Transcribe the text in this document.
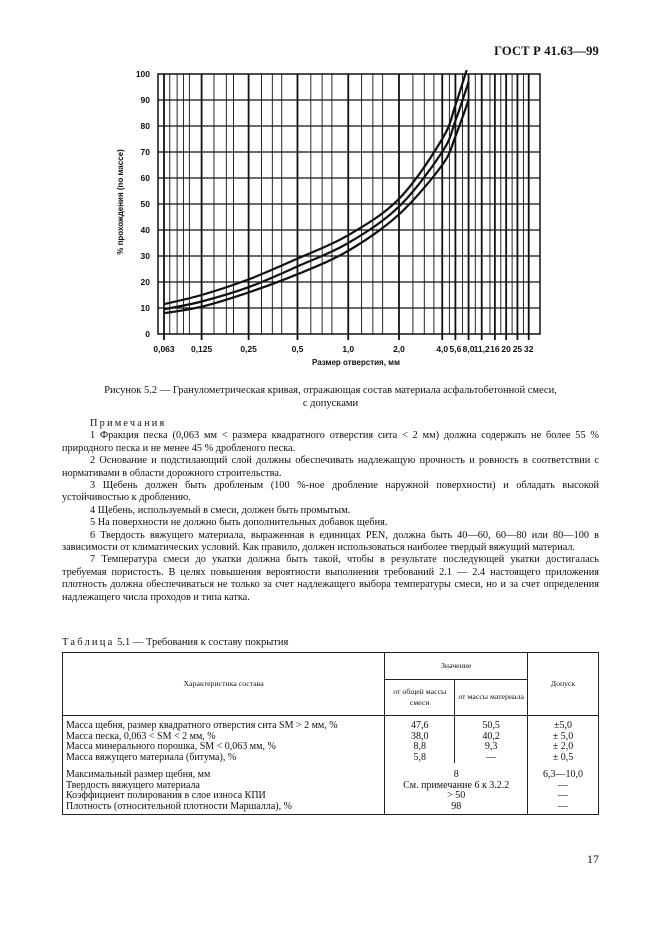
ГОСТ Р 41.63—99
100
90
80
70
60
50
40
30
20
10
0
0,063 0,125	0,25	0,5	1,0	2,0	4,0 5,6 8,0 11,2 16 20 25 32
% прохождения (по массе)
Размер отверстия, мм
Рисунок 5.2 — Гранулометрическая кривая, отражающая состав материала асфальтобетонной смеси,
с допусками
Примечания

1 Фракция песка (0,063 мм < размера квадратного отверстия сита < 2 мм) должна содержать не более 55 % природного песка и не менее 45 % дробленого песка.

2 Основание и подстилающий слой должны обеспечивать надлежащую прочность и ровность в соответствии с нормативами в области дорожного строительства.

3 Щебень должен быть дробленым (100 %-ное дробление наружной поверхности) и обладать высокой устойчивостью к дроблению.

4 Щебень, используемый в смеси, должен быть промытым.

5 На поверхности не должно быть дополнительных добавок щебня.

6 Твердость вяжущего материала, выраженная в единицах PEN, должна быть 40—60, 60—80 или 80—100 в зависимости от климатических условий. Как правило, должен использоваться наиболее твердый вяжущий материал.

7 Температура смеси до укатки должна быть такой, чтобы в результате последующей укатки достигалась требуемая пористость. В целях повышения вероятности выполнения требований 2.1 — 2.4 настоящего приложения плотность должна обеспечиваться не только за счет надлежащего выбора температуры смеси, но и за счет определения надлежащего числа проходов и типа катка.

Таблица 5.1 — Требования к составу покрытия
Характеристика состава	Значение		Допуск
	от общей массы смеси	от массы материала	
Масса щебня, размер квадратного отверстия сита SM > 2 мм, %	47,6	50,5	±5,0
Масса песка, 0,063 < SM < 2 мм, %	38,0	40,2	± 5,0
Масса минерального порошка, SM < 0,063 мм, %	8,8	9,3	± 2,0
Масса вяжущего материала (битума), %	5,8	—	± 0,5
Максимальный размер щебня, мм	8		6,3—10,0
Твердость вяжущего материала	См. примечание 6 к 3.2.2		—
Коэффициент полирования в слое износа КПИ	> 50		—
Плотность (относительной плотности Маршалла), %	98		—
17
